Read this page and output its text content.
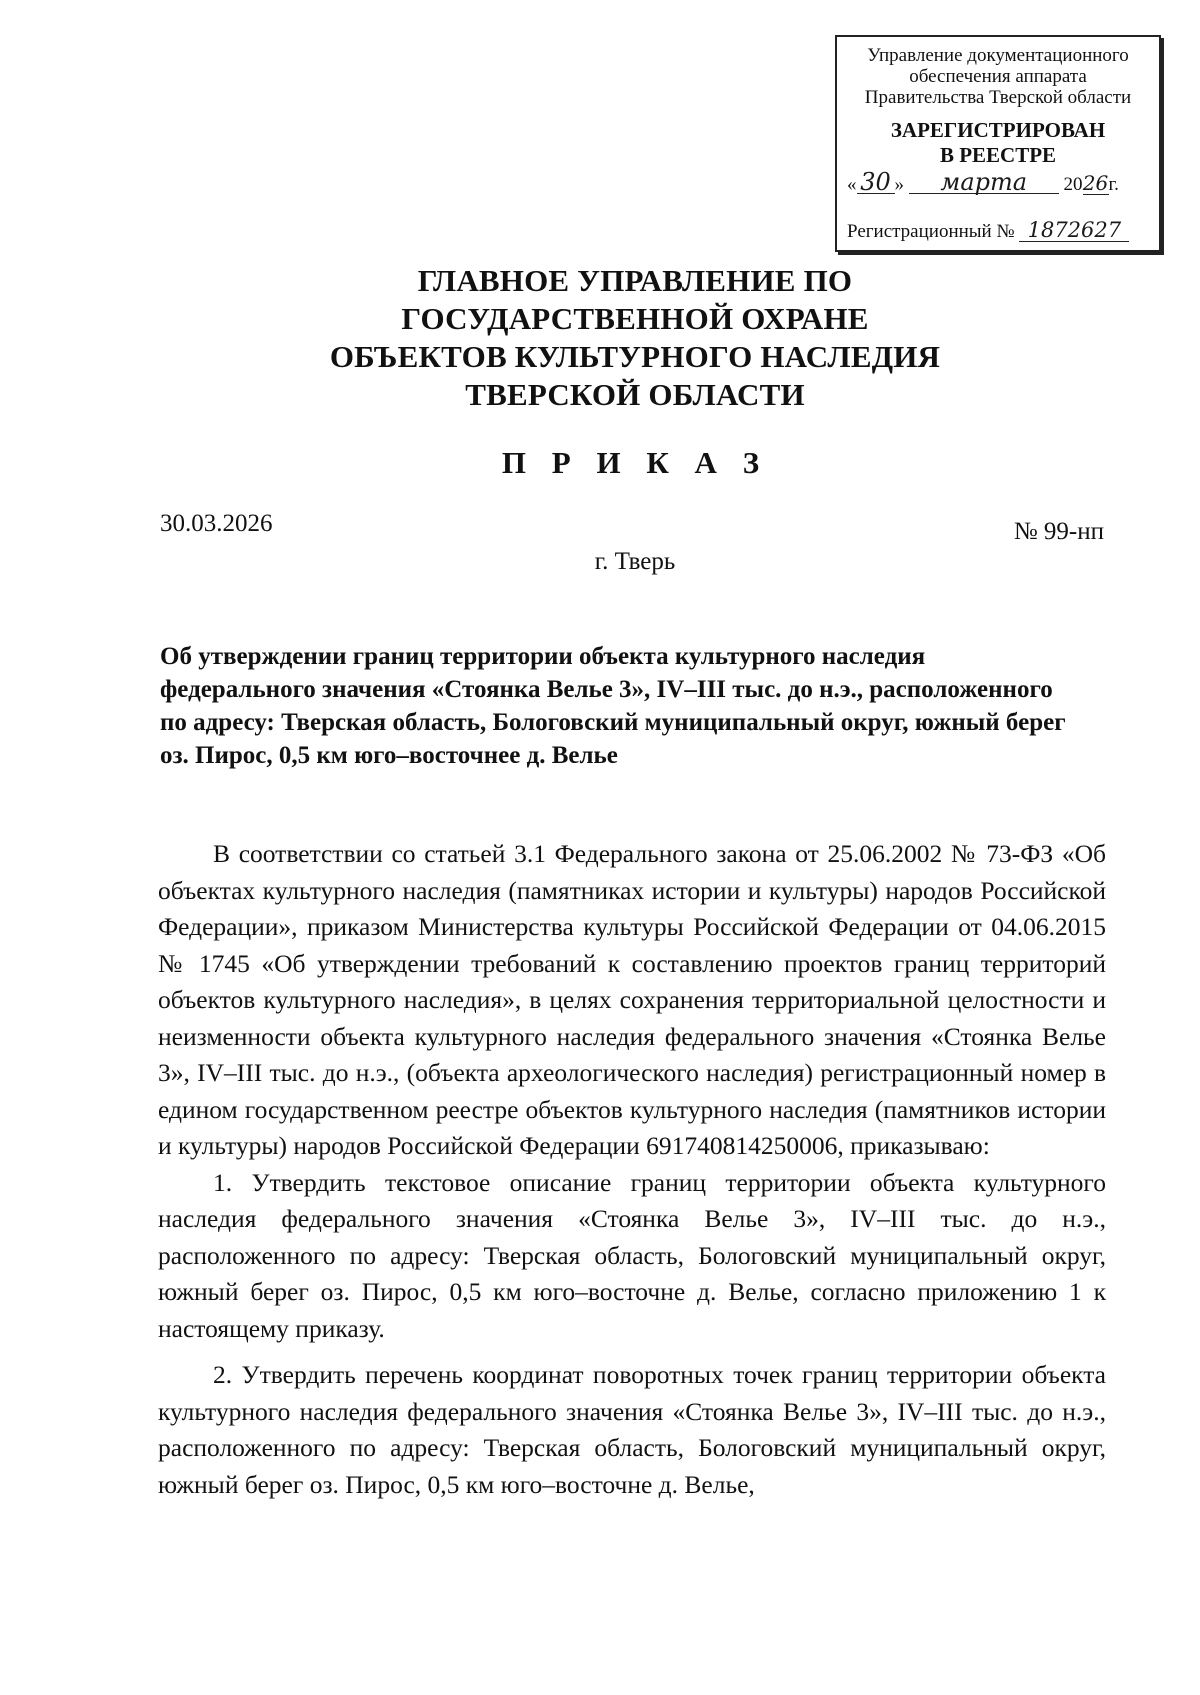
Управление документационного
обеспечения аппарата
Правительства Тверской области
ЗАРЕГИСТРИРОВАН
В РЕЕСТРЕ
« 30 » марта 2026г.
Регистрационный № 1872627
ГЛАВНОЕ УПРАВЛЕНИЕ ПО
ГОСУДАРСТВЕННОЙ ОХРАНЕ
ОБЪЕКТОВ КУЛЬТУРНОГО НАСЛЕДИЯ
ТВЕРСКОЙ ОБЛАСТИ
П Р И К А З
30.03.2026	№ 99-нп
г. Тверь
Об утверждении границ территории объекта культурного наследия федерального значения «Стоянка Велье 3», IV–III тыс. до н.э., расположенного по адресу: Тверская область, Бологовский муниципальный округ, южный берег оз. Пирос, 0,5 км юго–восточнее д. Велье

В соответствии со статьей 3.1 Федерального закона от 25.06.2002 № 73-ФЗ «Об объектах культурного наследия (памятниках истории и культуры) народов Российской Федерации», приказом Министерства культуры Российской Федерации от 04.06.2015 № 1745 «Об утверждении требований к составлению проектов границ территорий объектов культурного наследия», в целях сохранения территориальной целостности и неизменности объекта культурного наследия федерального значения «Стоянка Велье 3», IV–III тыс. до н.э., (объекта археологического наследия) регистрационный номер в едином государственном реестре объектов культурного наследия (памятников истории и культуры) народов Российской Федерации 691740814250006, приказываю:

1. Утвердить текстовое описание границ территории объекта культурного наследия федерального значения «Стоянка Велье 3», IV–III тыс. до н.э., расположенного по адресу: Тверская область, Бологовский муниципальный округ, южный берег оз. Пирос, 0,5 км юго–восточне д. Велье, согласно приложению 1 к настоящему приказу.

2. Утвердить перечень координат поворотных точек границ территории объекта культурного наследия федерального значения «Стоянка Велье 3», IV–III тыс. до н.э., расположенного по адресу: Тверская область, Бологовский муниципальный округ, южный берег оз. Пирос, 0,5 км юго–восточне д. Велье,
